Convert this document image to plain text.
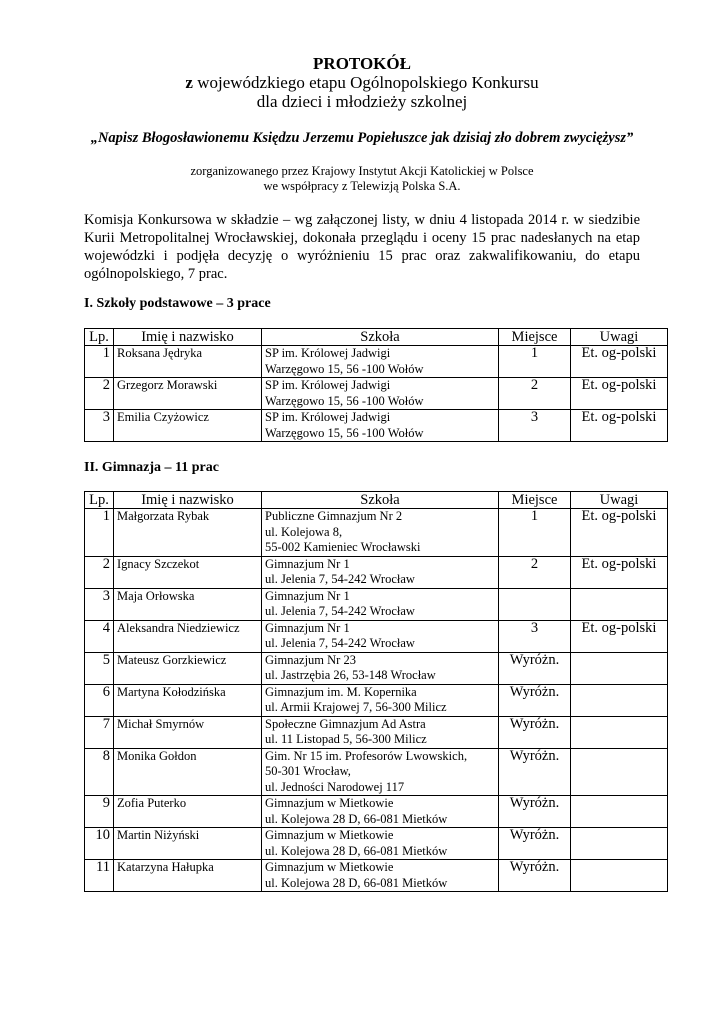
PROTOKÓŁ
z wojewódzkiego etapu Ogólnopolskiego Konkursu
dla dzieci i młodzieży szkolnej
„Napisz Błogosławionemu Księdzu Jerzemu Popiełuszce jak dzisiaj zło dobrem zwyciężysz”
zorganizowanego przez Krajowy Instytut Akcji Katolickiej w Polsce
we współpracy z Telewizją Polska S.A.
Komisja Konkursowa w składzie – wg załączonej listy, w dniu 4 listopada 2014 r. w siedzibie Kurii Metropolitalnej Wrocławskiej, dokonała przeglądu i oceny 15 prac nadesłanych na etap wojewódzki i podjęła decyzję o wyróżnieniu 15 prac oraz zakwalifikowaniu, do etapu ogólnopolskiego, 7 prac.
I. Szkoły podstawowe – 3 prace
Lp.	Imię i nazwisko	Szkoła	Miejsce	Uwagi
1	Roksana Jędryka	SP im. Królowej Jadwigi
Warzęgowo 15, 56 -100 Wołów	1	Et. og-polski
2	Grzegorz Morawski	SP im. Królowej Jadwigi
Warzęgowo 15, 56 -100 Wołów	2	Et. og-polski
3	Emilia Czyżowicz	SP im. Królowej Jadwigi
Warzęgowo 15, 56 -100 Wołów	3	Et. og-polski
II. Gimnazja – 11 prac
Lp.	Imię i nazwisko	Szkoła	Miejsce	Uwagi
1	Małgorzata Rybak	Publiczne Gimnazjum Nr 2
ul. Kolejowa 8,
55-002 Kamieniec Wrocławski	1	Et. og-polski
2	Ignacy Szczekot	Gimnazjum Nr 1
ul. Jelenia 7, 54-242 Wrocław	2	Et. og-polski
3	Maja Orłowska	Gimnazjum Nr 1
ul. Jelenia 7, 54-242 Wrocław		

4	Aleksandra Niedziewicz	Gimnazjum Nr 1
ul. Jelenia 7, 54-242 Wrocław	3	Et. og-polski
5	Mateusz Gorzkiewicz	Gimnazjum Nr 23
ul. Jastrzębia 26, 53-148 Wrocław	Wyróżn.	
6	Martyna Kołodzińska	Gimnazjum im. M. Kopernika
ul. Armii Krajowej 7, 56-300 Milicz	Wyróżn.	
7	Michał Smyrnów	Społeczne Gimnazjum Ad Astra
ul. 11 Listopad 5, 56-300 Milicz	Wyróżn.	
8	Monika Gołdon	Gim. Nr 15 im. Profesorów Lwowskich,
50-301 Wrocław,
ul. Jedności Narodowej 117	Wyróżn.	
9	Zofia Puterko	Gimnazjum w Mietkowie
ul. Kolejowa 28 D, 66-081 Mietków	Wyróżn.	
10	Martin Niżyński	Gimnazjum w Mietkowie
ul. Kolejowa 28 D, 66-081 Mietków	Wyróżn.	
11	Katarzyna Hałupka	Gimnazjum w Mietkowie
ul. Kolejowa 28 D, 66-081 Mietków	Wyróżn.	
